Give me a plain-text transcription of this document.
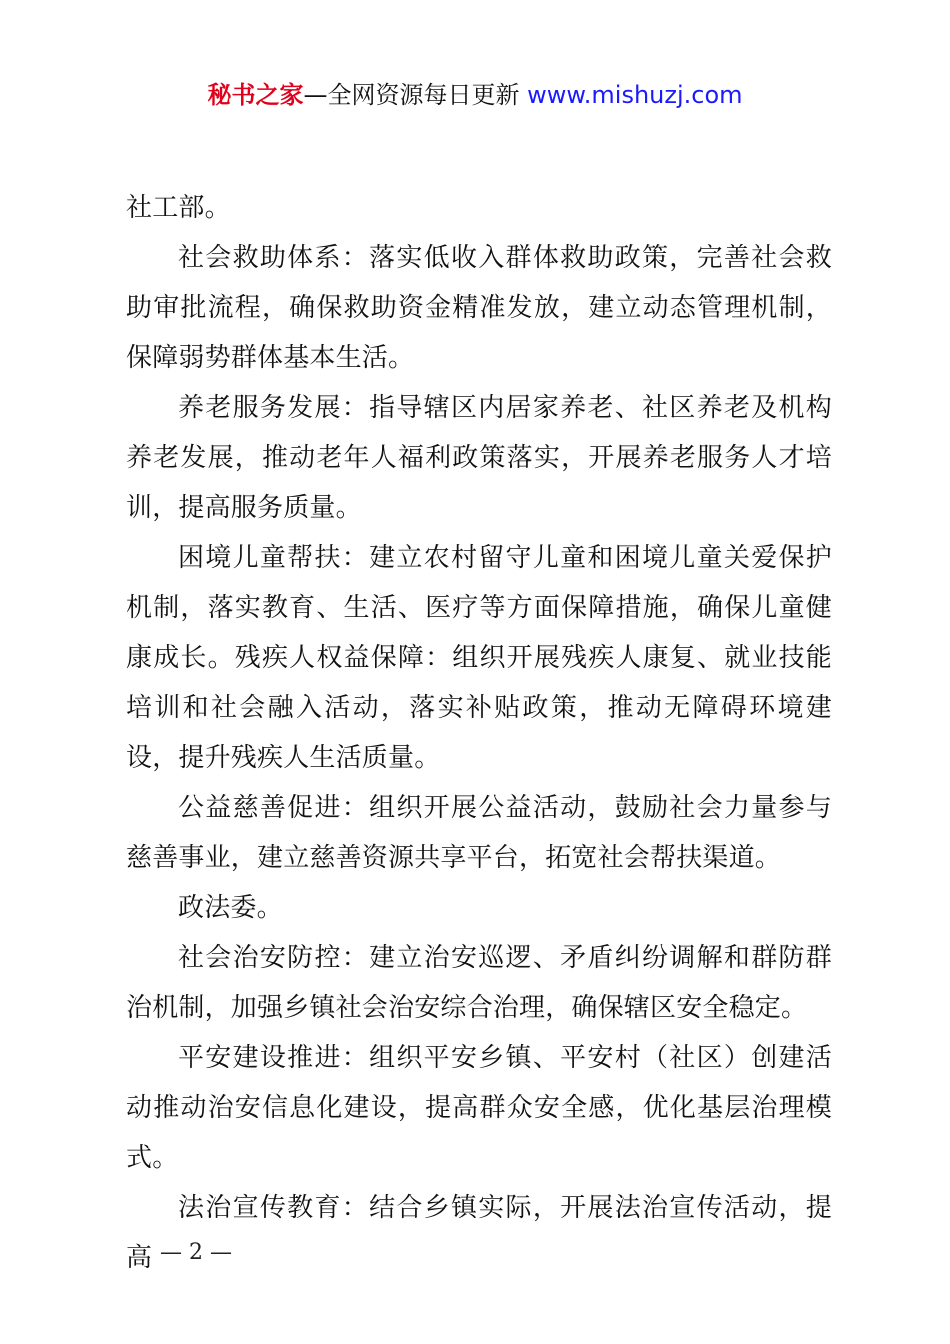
秘书之家—全网资源每日更新 www.mishuzj.com

社工部。

社会救助体系：落实低收入群体救助政策，完善社会救助审批流程，确保救助资金精准发放，建立动态管理机制，保障弱势群体基本生活。

养老服务发展：指导辖区内居家养老、社区养老及机构养老发展，推动老年人福利政策落实，开展养老服务人才培训，提高服务质量。

困境儿童帮扶：建立农村留守儿童和困境儿童关爱保护机制，落实教育、生活、医疗等方面保障措施，确保儿童健康成长。残疾人权益保障：组织开展残疾人康复、就业技能培训和社会融入活动，落实补贴政策，推动无障碍环境建设，提升残疾人生活质量。

公益慈善促进：组织开展公益活动，鼓励社会力量参与慈善事业，建立慈善资源共享平台，拓宽社会帮扶渠道。

政法委。

社会治安防控：建立治安巡逻、矛盾纠纷调解和群防群治机制，加强乡镇社会治安综合治理，确保辖区安全稳定。

平安建设推进：组织平安乡镇、平安村（社区）创建活动推动治安信息化建设，提高群众安全感，优化基层治理模式。

法治宣传教育：结合乡镇实际，开展法治宣传活动，提高 — 2 —
